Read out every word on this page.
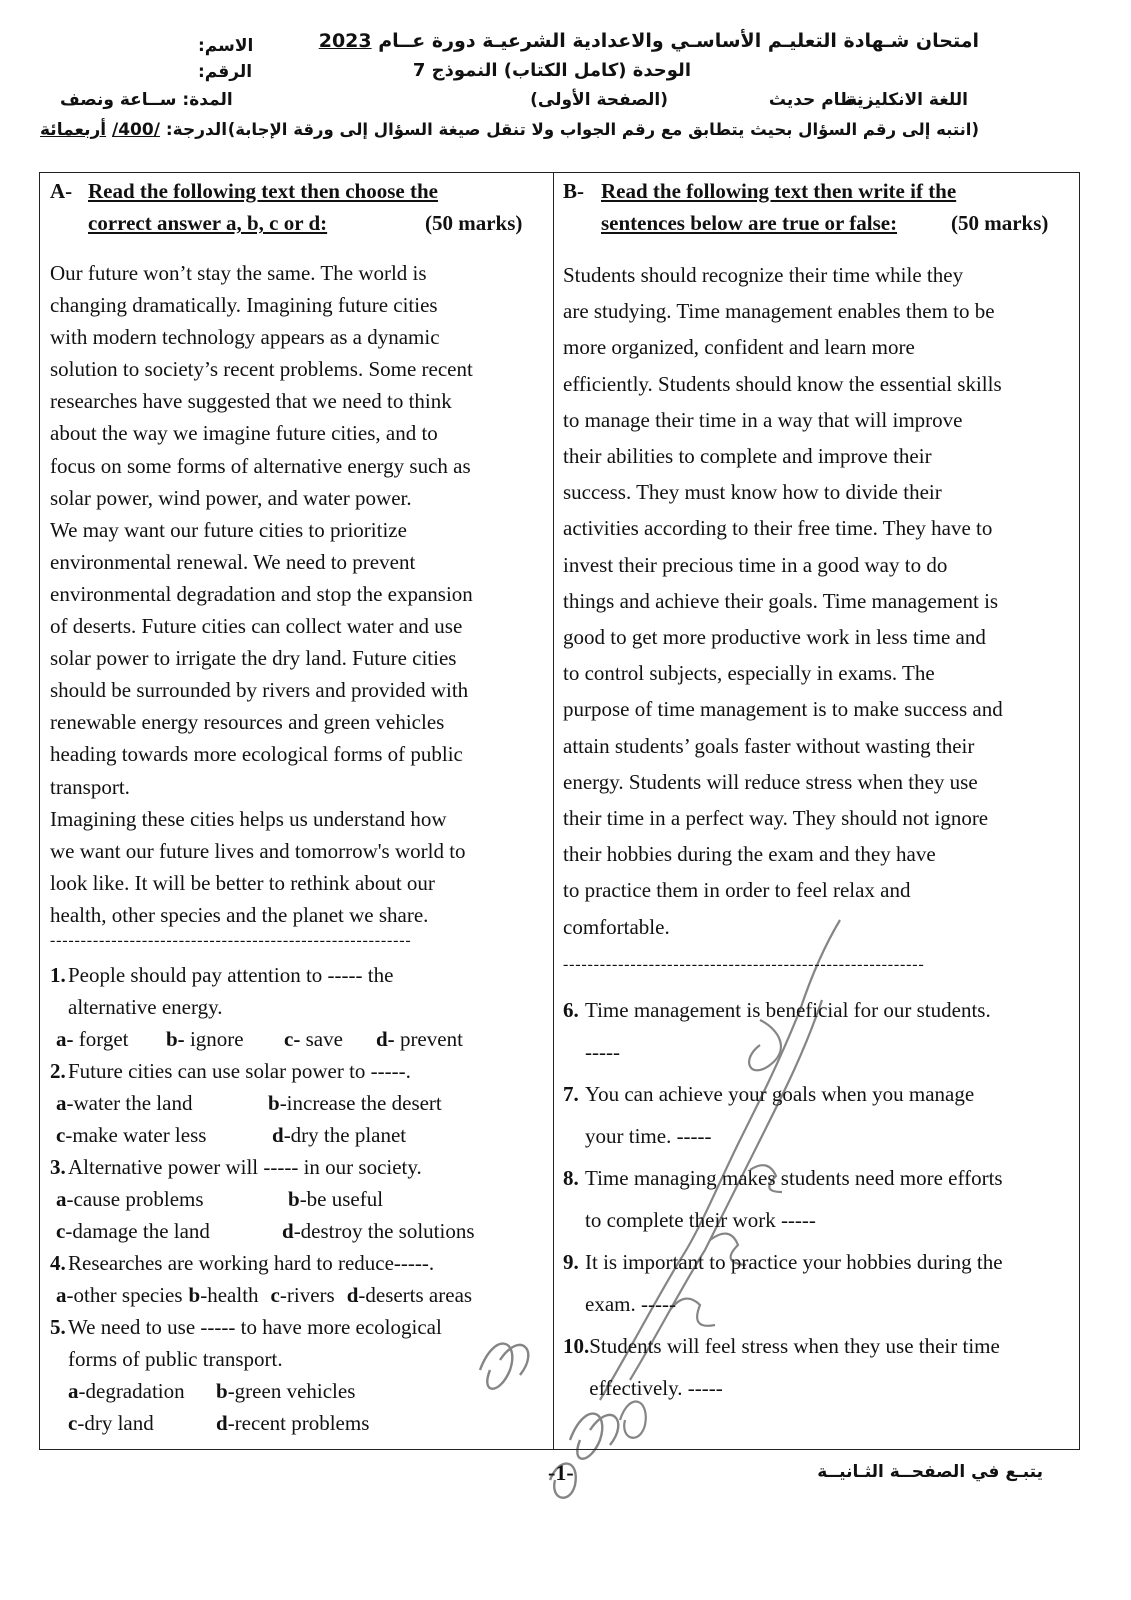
امتحان شـهادة التعليـم الأساسـي والاعدادية الشرعيـة دورة عــام 2023
الوحدة (كامل الكتاب) النموذج 7
(الصفحة الأولى)	اللغة الانكليزية
نظام حديث
(انتبه إلى رقم السؤال بحيث يتطابق مع رقم الجواب ولا تنقل صيغة السؤال إلى ورقة الإجابة)
الاسم:
الرقم:
المدة: ســاعة ونصف
الدرجة: /400/ أربعمائة
A- Read the following text then choose the
correct answer a, b, c or d:	(50 marks)
Our future won’t stay the same. The world is
changing dramatically. Imagining future cities
with modern technology appears as a dynamic
solution to society’s recent problems. Some recent
researches have suggested that we need to think
about the way we imagine future cities, and to
focus on some forms of alternative energy such as
solar power, wind power, and water power.
We may want our future cities to prioritize
environmental renewal. We need to prevent
environmental degradation and stop the expansion
of deserts. Future cities can collect water and use
solar power to irrigate the dry land. Future cities
should be surrounded by rivers and provided with
renewable energy resources and green vehicles
heading towards more ecological forms of public
transport.
Imagining these cities helps us understand how
we want our future lives and tomorrow's world to
look like. It will be better to rethink about our
health, other species and the planet we share.
-----------------------------------------------------------
1. People should pay attention to ----- the
alternative energy.
a- forget	b- ignore	c- save	d- prevent
2. Future cities can use solar power to -----.
a-water the land	b-increase the desert
c-make water less	d-dry the planet
3. Alternative power will ----- in our society.
a-cause problems	b-be useful
c-damage the land	d-destroy the solutions
4. Researches are working hard to reduce-----.
a-other species b-health c-rivers d-deserts areas
5. We need to use ----- to have more ecological
forms of public transport.
a-degradation	b-green vehicles
c-dry land	d-recent problems
B- Read the following text then write if the
sentences below are true or false:	(50 marks)
Students should recognize their time while they
are studying. Time management enables them to be
more organized, confident and learn more
efficiently. Students should know the essential skills
to manage their time in a way that will improve
their abilities to complete and improve their
success. They must know how to divide their
activities according to their free time. They have to
invest their precious time in a good way to do
things and achieve their goals. Time management is
good to get more productive work in less time and
to control subjects, especially in exams. The
purpose of time management is to make success and
attain students’ goals faster without wasting their
energy. Students will reduce stress when they use
their time in a perfect way. They should not ignore
their hobbies during the exam and they have
to practice them in order to feel relax and
comfortable.
-----------------------------------------------------------
6. Time management is beneficial for our students.
-----
7. You can achieve your goals when you manage
your time. -----
8. Time managing makes students need more efforts
to complete their work -----
9. It is important to practice your hobbies during the
exam. -----
10. Students will feel stress when they use their time
effectively. -----
-1-	يتبـع في الصفحــة الثـانيــة
